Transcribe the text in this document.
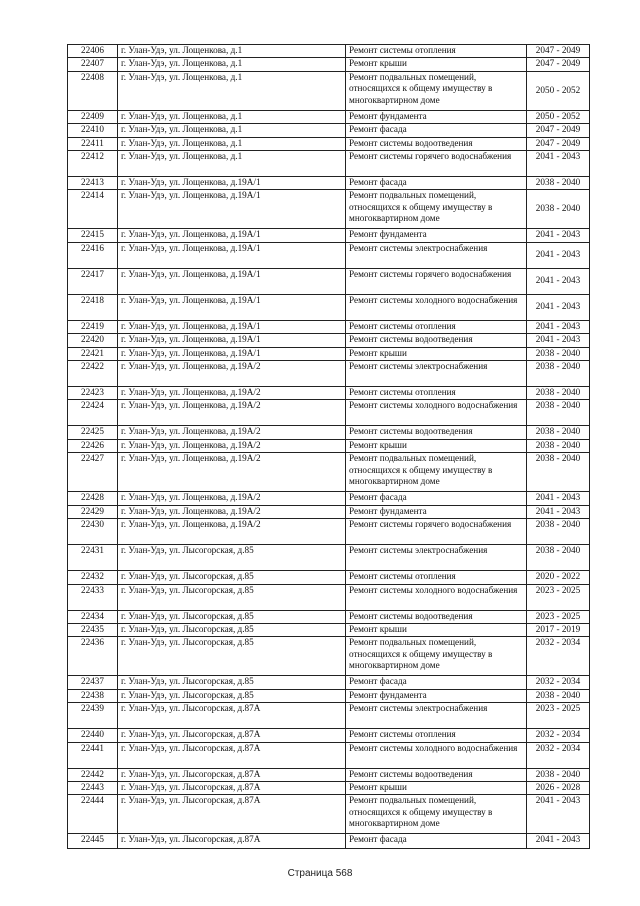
22406	г. Улан-Удэ, ул. Лощенкова, д.1	Ремонт системы отопления	2047 - 2049
22407	г. Улан-Удэ, ул. Лощенкова, д.1	Ремонт крыши	2047 - 2049
22408	г. Улан-Удэ, ул. Лощенкова, д.1	Ремонт подвальных помещений, относящихся к общему имуществу в многоквартирном доме	2050 - 2052
22409	г. Улан-Удэ, ул. Лощенкова, д.1	Ремонт фундамента	2050 - 2052
22410	г. Улан-Удэ, ул. Лощенкова, д.1	Ремонт фасада	2047 - 2049
22411	г. Улан-Удэ, ул. Лощенкова, д.1	Ремонт системы водоотведения	2047 - 2049
22412	г. Улан-Удэ, ул. Лощенкова, д.1	Ремонт системы горячего водоснабжения	2041 - 2043
22413	г. Улан-Удэ, ул. Лощенкова, д.19А/1	Ремонт фасада	2038 - 2040
22414	г. Улан-Удэ, ул. Лощенкова, д.19А/1	Ремонт подвальных помещений, относящихся к общему имуществу в многоквартирном доме	2038 - 2040
22415	г. Улан-Удэ, ул. Лощенкова, д.19А/1	Ремонт фундамента	2041 - 2043
22416	г. Улан-Удэ, ул. Лощенкова, д.19А/1	Ремонт системы электроснабжения	2041 - 2043
22417	г. Улан-Удэ, ул. Лощенкова, д.19А/1	Ремонт системы горячего водоснабжения	2041 - 2043
22418	г. Улан-Удэ, ул. Лощенкова, д.19А/1	Ремонт системы холодного водоснабжения	2041 - 2043
22419	г. Улан-Удэ, ул. Лощенкова, д.19А/1	Ремонт системы отопления	2041 - 2043
22420	г. Улан-Удэ, ул. Лощенкова, д.19А/1	Ремонт системы водоотведения	2041 - 2043
22421	г. Улан-Удэ, ул. Лощенкова, д.19А/1	Ремонт крыши	2038 - 2040
22422	г. Улан-Удэ, ул. Лощенкова, д.19А/2	Ремонт системы электроснабжения	2038 - 2040
22423	г. Улан-Удэ, ул. Лощенкова, д.19А/2	Ремонт системы отопления	2038 - 2040
22424	г. Улан-Удэ, ул. Лощенкова, д.19А/2	Ремонт системы холодного водоснабжения	2038 - 2040
22425	г. Улан-Удэ, ул. Лощенкова, д.19А/2	Ремонт системы водоотведения	2038 - 2040
22426	г. Улан-Удэ, ул. Лощенкова, д.19А/2	Ремонт крыши	2038 - 2040
22427	г. Улан-Удэ, ул. Лощенкова, д.19А/2	Ремонт подвальных помещений, относящихся к общему имуществу в многоквартирном доме	2038 - 2040
22428	г. Улан-Удэ, ул. Лощенкова, д.19А/2	Ремонт фасада	2041 - 2043
22429	г. Улан-Удэ, ул. Лощенкова, д.19А/2	Ремонт фундамента	2041 - 2043
22430	г. Улан-Удэ, ул. Лощенкова, д.19А/2	Ремонт системы горячего водоснабжения	2038 - 2040
22431	г. Улан-Удэ, ул. Лысогорская, д.85	Ремонт системы электроснабжения	2038 - 2040
22432	г. Улан-Удэ, ул. Лысогорская, д.85	Ремонт системы отопления	2020 - 2022
22433	г. Улан-Удэ, ул. Лысогорская, д.85	Ремонт системы холодного водоснабжения	2023 - 2025
22434	г. Улан-Удэ, ул. Лысогорская, д.85	Ремонт системы водоотведения	2023 - 2025
22435	г. Улан-Удэ, ул. Лысогорская, д.85	Ремонт крыши	2017 - 2019
22436	г. Улан-Удэ, ул. Лысогорская, д.85	Ремонт подвальных помещений, относящихся к общему имуществу в многоквартирном доме	2032 - 2034
22437	г. Улан-Удэ, ул. Лысогорская, д.85	Ремонт фасада	2032 - 2034
22438	г. Улан-Удэ, ул. Лысогорская, д.85	Ремонт фундамента	2038 - 2040
22439	г. Улан-Удэ, ул. Лысогорская, д.87А	Ремонт системы электроснабжения	2023 - 2025
22440	г. Улан-Удэ, ул. Лысогорская, д.87А	Ремонт системы отопления	2032 - 2034
22441	г. Улан-Удэ, ул. Лысогорская, д.87А	Ремонт системы холодного водоснабжения	2032 - 2034
22442	г. Улан-Удэ, ул. Лысогорская, д.87А	Ремонт системы водоотведения	2038 - 2040
22443	г. Улан-Удэ, ул. Лысогорская, д.87А	Ремонт крыши	2026 - 2028
22444	г. Улан-Удэ, ул. Лысогорская, д.87А	Ремонт подвальных помещений, относящихся к общему имуществу в многоквартирном доме	2041 - 2043
22445	г. Улан-Удэ, ул. Лысогорская, д.87А	Ремонт фасада	2041 - 2043
Страница 568
